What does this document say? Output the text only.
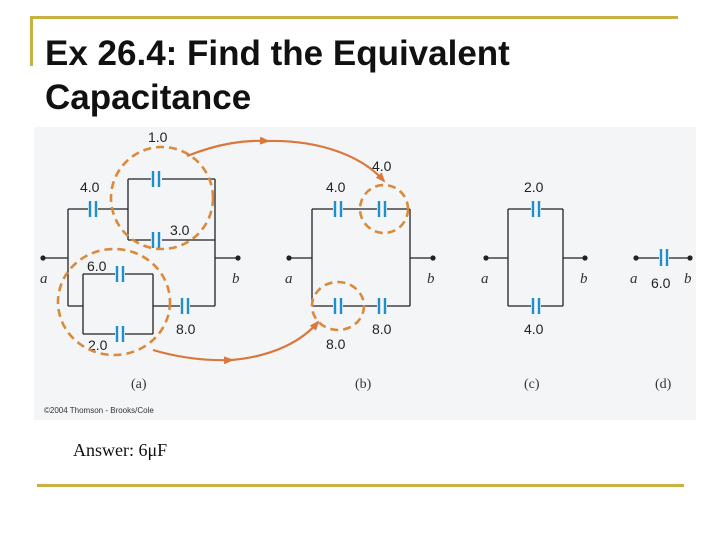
Ex 26.4: Find the Equivalent
Capacitance
1.0
4.0
3.0
6.0
2.0
8.0
a	b
(a)
4.0
4.0
8.0
8.0
a	b
(b)
2.0
4.0
a	b
(c)
6.0
a	b
(d)
©2004 Thomson - Brooks/Cole
Answer: 6μF
